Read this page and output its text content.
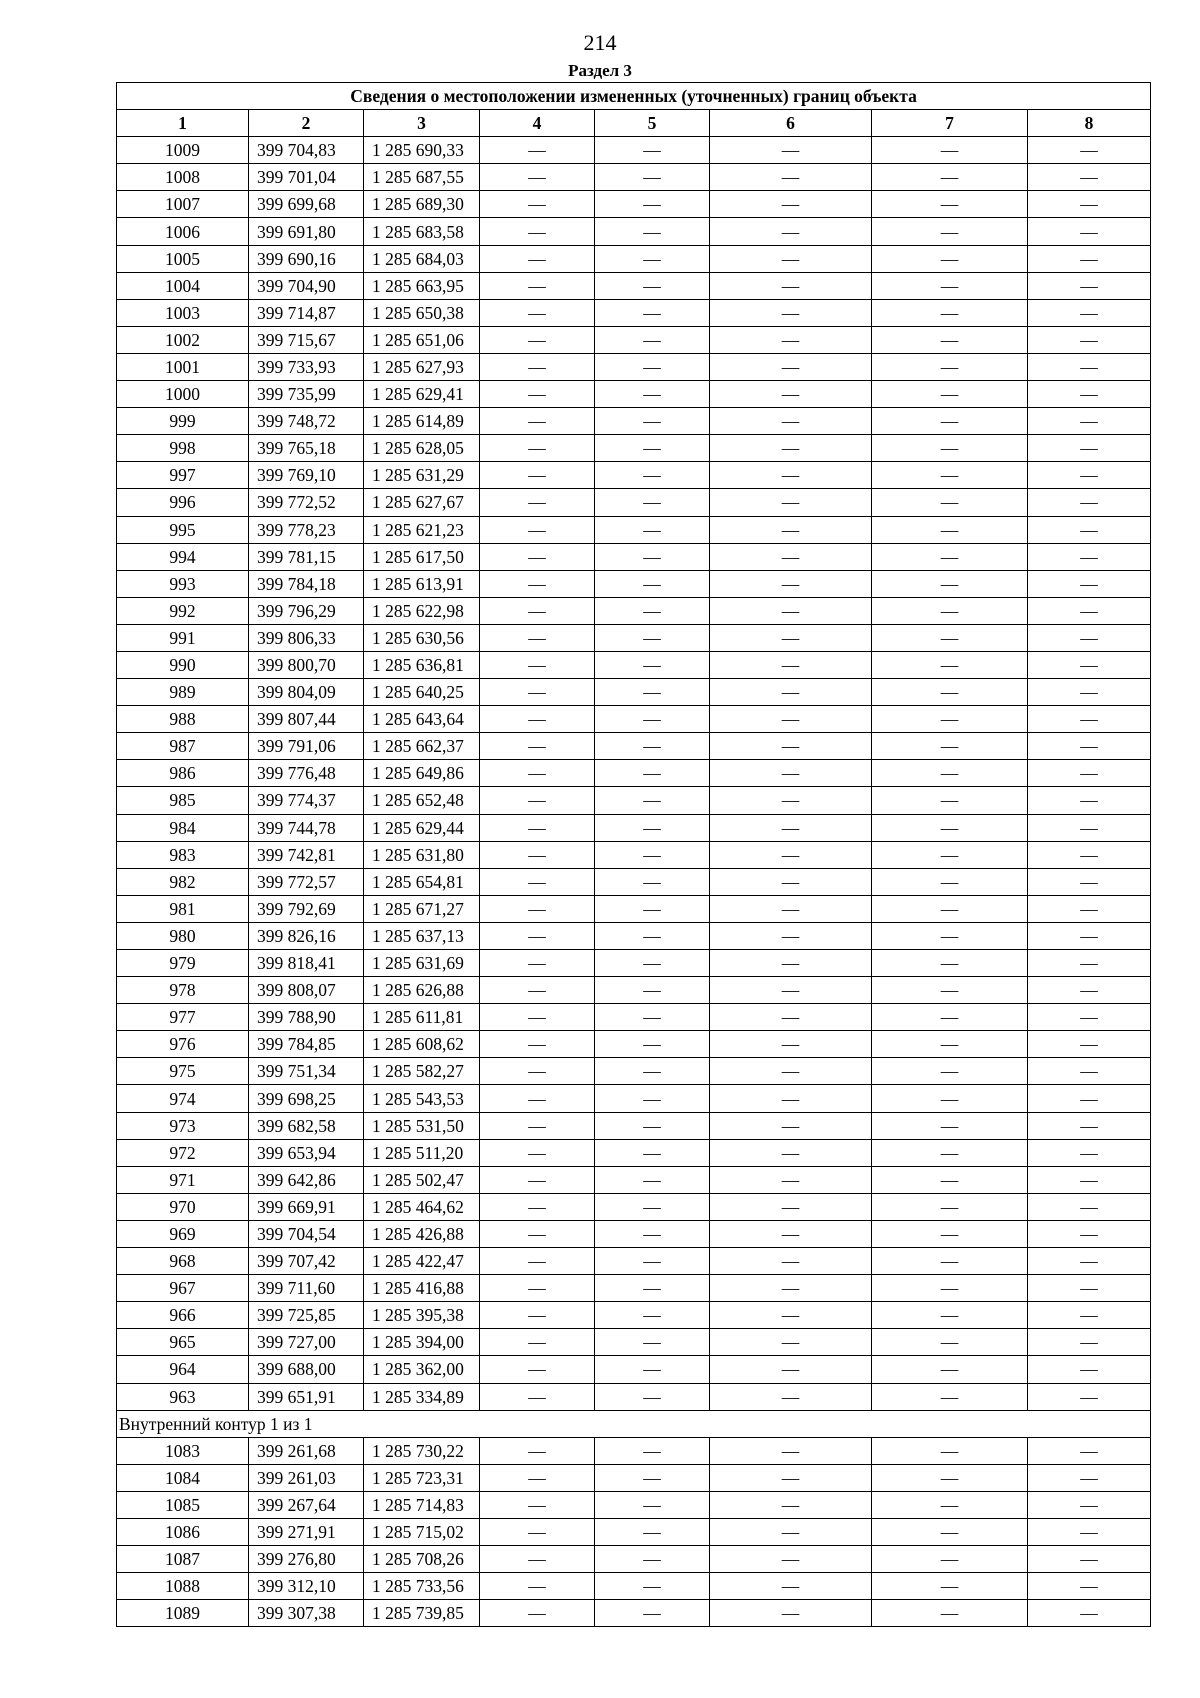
214
Раздел 3
Сведения о местоположении измененных (уточненных) границ объекта							
1	2	3	4	5	6	7	8
1009	399 704,83	1 285 690,33	—	—	—	—	—
1008	399 701,04	1 285 687,55	—	—	—	—	—
1007	399 699,68	1 285 689,30	—	—	—	—	—
1006	399 691,80	1 285 683,58	—	—	—	—	—
1005	399 690,16	1 285 684,03	—	—	—	—	—
1004	399 704,90	1 285 663,95	—	—	—	—	—
1003	399 714,87	1 285 650,38	—	—	—	—	—
1002	399 715,67	1 285 651,06	—	—	—	—	—
1001	399 733,93	1 285 627,93	—	—	—	—	—
1000	399 735,99	1 285 629,41	—	—	—	—	—
999	399 748,72	1 285 614,89	—	—	—	—	—
998	399 765,18	1 285 628,05	—	—	—	—	—
997	399 769,10	1 285 631,29	—	—	—	—	—
996	399 772,52	1 285 627,67	—	—	—	—	—
995	399 778,23	1 285 621,23	—	—	—	—	—
994	399 781,15	1 285 617,50	—	—	—	—	—
993	399 784,18	1 285 613,91	—	—	—	—	—
992	399 796,29	1 285 622,98	—	—	—	—	—
991	399 806,33	1 285 630,56	—	—	—	—	—
990	399 800,70	1 285 636,81	—	—	—	—	—
989	399 804,09	1 285 640,25	—	—	—	—	—
988	399 807,44	1 285 643,64	—	—	—	—	—
987	399 791,06	1 285 662,37	—	—	—	—	—
986	399 776,48	1 285 649,86	—	—	—	—	—
985	399 774,37	1 285 652,48	—	—	—	—	—
984	399 744,78	1 285 629,44	—	—	—	—	—
983	399 742,81	1 285 631,80	—	—	—	—	—
982	399 772,57	1 285 654,81	—	—	—	—	—
981	399 792,69	1 285 671,27	—	—	—	—	—
980	399 826,16	1 285 637,13	—	—	—	—	—
979	399 818,41	1 285 631,69	—	—	—	—	—
978	399 808,07	1 285 626,88	—	—	—	—	—
977	399 788,90	1 285 611,81	—	—	—	—	—
976	399 784,85	1 285 608,62	—	—	—	—	—
975	399 751,34	1 285 582,27	—	—	—	—	—
974	399 698,25	1 285 543,53	—	—	—	—	—
973	399 682,58	1 285 531,50	—	—	—	—	—
972	399 653,94	1 285 511,20	—	—	—	—	—
971	399 642,86	1 285 502,47	—	—	—	—	—
970	399 669,91	1 285 464,62	—	—	—	—	—
969	399 704,54	1 285 426,88	—	—	—	—	—
968	399 707,42	1 285 422,47	—	—	—	—	—
967	399 711,60	1 285 416,88	—	—	—	—	—
966	399 725,85	1 285 395,38	—	—	—	—	—
965	399 727,00	1 285 394,00	—	—	—	—	—
964	399 688,00	1 285 362,00	—	—	—	—	—
963	399 651,91	1 285 334,89	—	—	—	—	—
Внутренний контур 1 из 1							
1083	399 261,68	1 285 730,22	—	—	—	—	—
1084	399 261,03	1 285 723,31	—	—	—	—	—
1085	399 267,64	1 285 714,83	—	—	—	—	—
1086	399 271,91	1 285 715,02	—	—	—	—	—
1087	399 276,80	1 285 708,26	—	—	—	—	—
1088	399 312,10	1 285 733,56	—	—	—	—	—
1089	399 307,38	1 285 739,85	—	—	—	—	—
